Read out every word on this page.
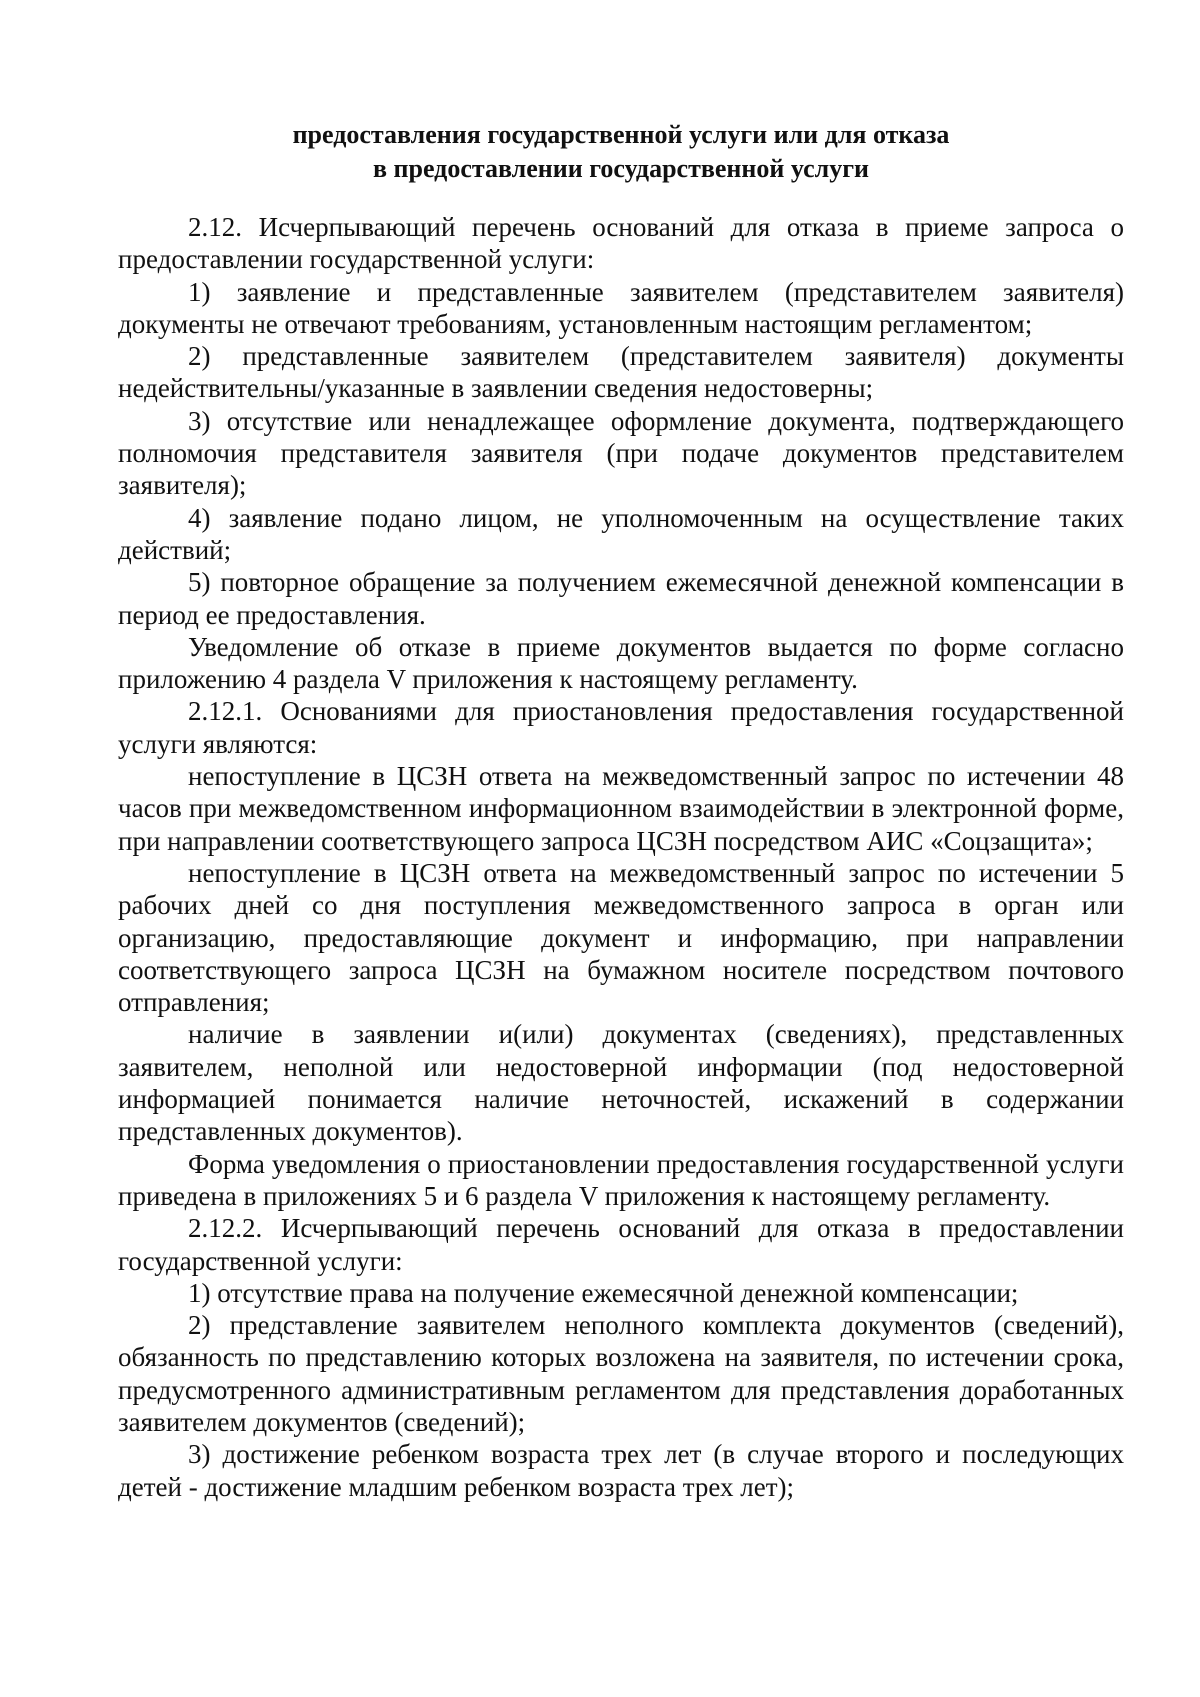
предоставления государственной услуги или для отказа
в предоставлении государственной услуги

2.12. Исчерпывающий перечень оснований для отказа в приеме запроса о предоставлении государственной услуги:

1) заявление и представленные заявителем (представителем заявителя) документы не отвечают требованиям, установленным настоящим регламентом;

2) представленные заявителем (представителем заявителя) документы недействительны/указанные в заявлении сведения недостоверны;

3) отсутствие или ненадлежащее оформление документа, подтверждающего полномочия представителя заявителя (при подаче документов представителем заявителя);

4) заявление подано лицом, не уполномоченным на осуществление таких действий;

5) повторное обращение за получением ежемесячной денежной компенсации в период ее предоставления.

Уведомление об отказе в приеме документов выдается по форме согласно приложению 4 раздела V приложения к настоящему регламенту.

2.12.1. Основаниями для приостановления предоставления государственной услуги являются:

непоступление в ЦСЗН ответа на межведомственный запрос по истечении 48 часов при межведомственном информационном взаимодействии в электронной форме, при направлении соответствующего запроса ЦСЗН посредством АИС «Соцзащита»;

непоступление в ЦСЗН ответа на межведомственный запрос по истечении 5 рабочих дней со дня поступления межведомственного запроса в орган или организацию, предоставляющие документ и информацию, при направлении соответствующего запроса ЦСЗН на бумажном носителе посредством почтового отправления;

наличие в заявлении и(или) документах (сведениях), представленных заявителем, неполной или недостоверной информации (под недостоверной информацией понимается наличие неточностей, искажений в содержании представленных документов).

Форма уведомления о приостановлении предоставления государственной услуги приведена в приложениях 5 и 6 раздела V приложения к настоящему регламенту.

2.12.2. Исчерпывающий перечень оснований для отказа в предоставлении государственной услуги:

1) отсутствие права на получение ежемесячной денежной компенсации;

2) представление заявителем неполного комплекта документов (сведений), обязанность по представлению которых возложена на заявителя, по истечении срока, предусмотренного административным регламентом для представления доработанных заявителем документов (сведений);

3) достижение ребенком возраста трех лет (в случае второго и последующих детей - достижение младшим ребенком возраста трех лет);
